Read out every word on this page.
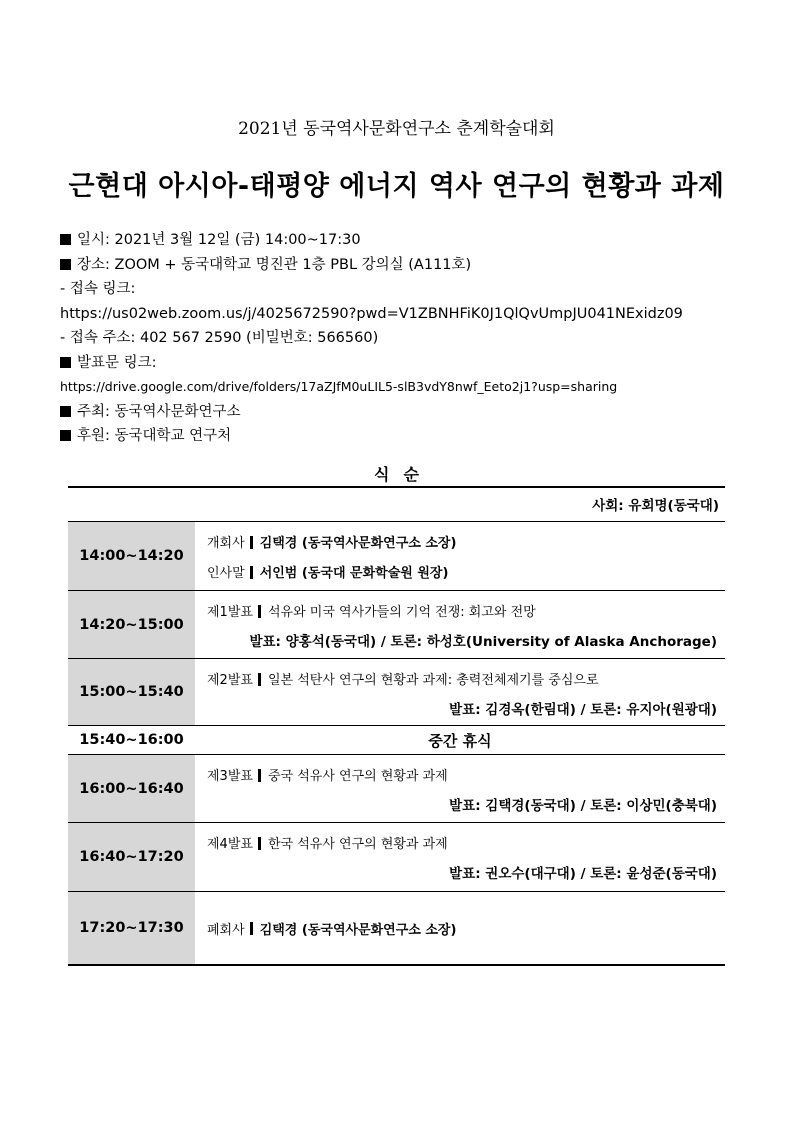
2021년 동국역사문화연구소 춘계학술대회
근현대 아시아-태평양 에너지 역사 연구의 현황과 과제
일시: 2021년 3월 12일 (금) 14:00~17:30
장소: ZOOM + 동국대학교 명진관 1층 PBL 강의실 (A111호)
- 접속 링크:
https://us02web.zoom.us/j/4025672590?pwd=V1ZBNHFiK0J1QlQvUmpJU041NExidz09
- 접속 주소: 402 567 2590 (비밀번호: 566560)
발표문 링크:
https://drive.google.com/drive/folders/17aZJfM0uLIL5-slB3vdY8nwf_Eeto2j1?usp=sharing
주최: 동국역사문화연구소
후원: 동국대학교 연구처
식순
사회: 유회명(동국대)
14:00~14:20
개회사 김택경 (동국역사문화연구소 소장)
인사말 서인범 (동국대 문화학술원 원장)
14:20~15:00
제1발표 석유와 미국 역사가들의 기억 전쟁: 회고와 전망
발표: 양홍석(동국대) / 토론: 하성호(University of Alaska Anchorage)
15:00~15:40
제2발표 일본 석탄사 연구의 현황과 과제: 총력전체제기를 중심으로
발표: 김경옥(한림대) / 토론: 유지아(원광대)
15:40~16:00	중간 휴식
16:00~16:40
제3발표 중국 석유사 연구의 현황과 과제
발표: 김택경(동국대) / 토론: 이상민(충북대)
16:40~17:20
제4발표 한국 석유사 연구의 현황과 과제
발표: 권오수(대구대) / 토론: 윤성준(동국대)
17:20~17:30	폐회사 김택경 (동국역사문화연구소 소장)
